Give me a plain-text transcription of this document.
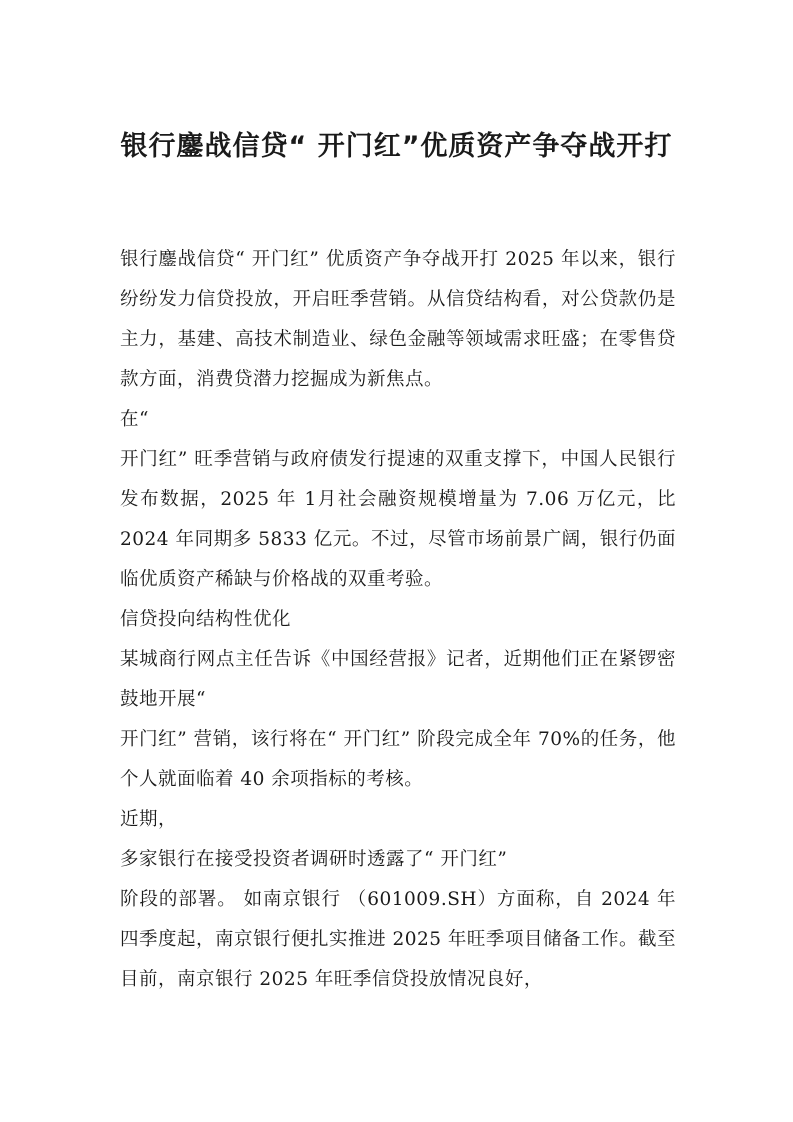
银行鏖战信贷“ 开门红”优质资产争夺战开打

银行鏖战信贷“ 开门红” 优质资产争夺战开打 2025 年以来，银行纷纷发力信贷投放，开启旺季营销。从信贷结构看，对公贷款仍是主力，基建、高技术制造业、绿色金融等领域需求旺盛；在零售贷款方面，消费贷潜力挖掘成为新焦点。

在“

开门红” 旺季营销与政府债发行提速的双重支撑下，中国人民银行发布数据，2025 年 1月社会融资规模增量为 7.06 万亿元，比 2024 年同期多 5833 亿元。不过，尽管市场前景广阔，银行仍面临优质资产稀缺与价格战的双重考验。

信贷投向结构性优化

某城商行网点主任告诉《中国经营报》记者，近期他们正在紧锣密鼓地开展“

开门红” 营销，该行将在“ 开门红” 阶段完成全年 70%的任务，他个人就面临着 40 余项指标的考核。

近期，

多家银行在接受投资者调研时透露了“ 开门红”

阶段的部署。 如南京银行 （601009.SH）方面称，自 2024 年四季度起，南京银行便扎实推进 2025 年旺季项目储备工作。截至目前，南京银行 2025 年旺季信贷投放情况良好，
